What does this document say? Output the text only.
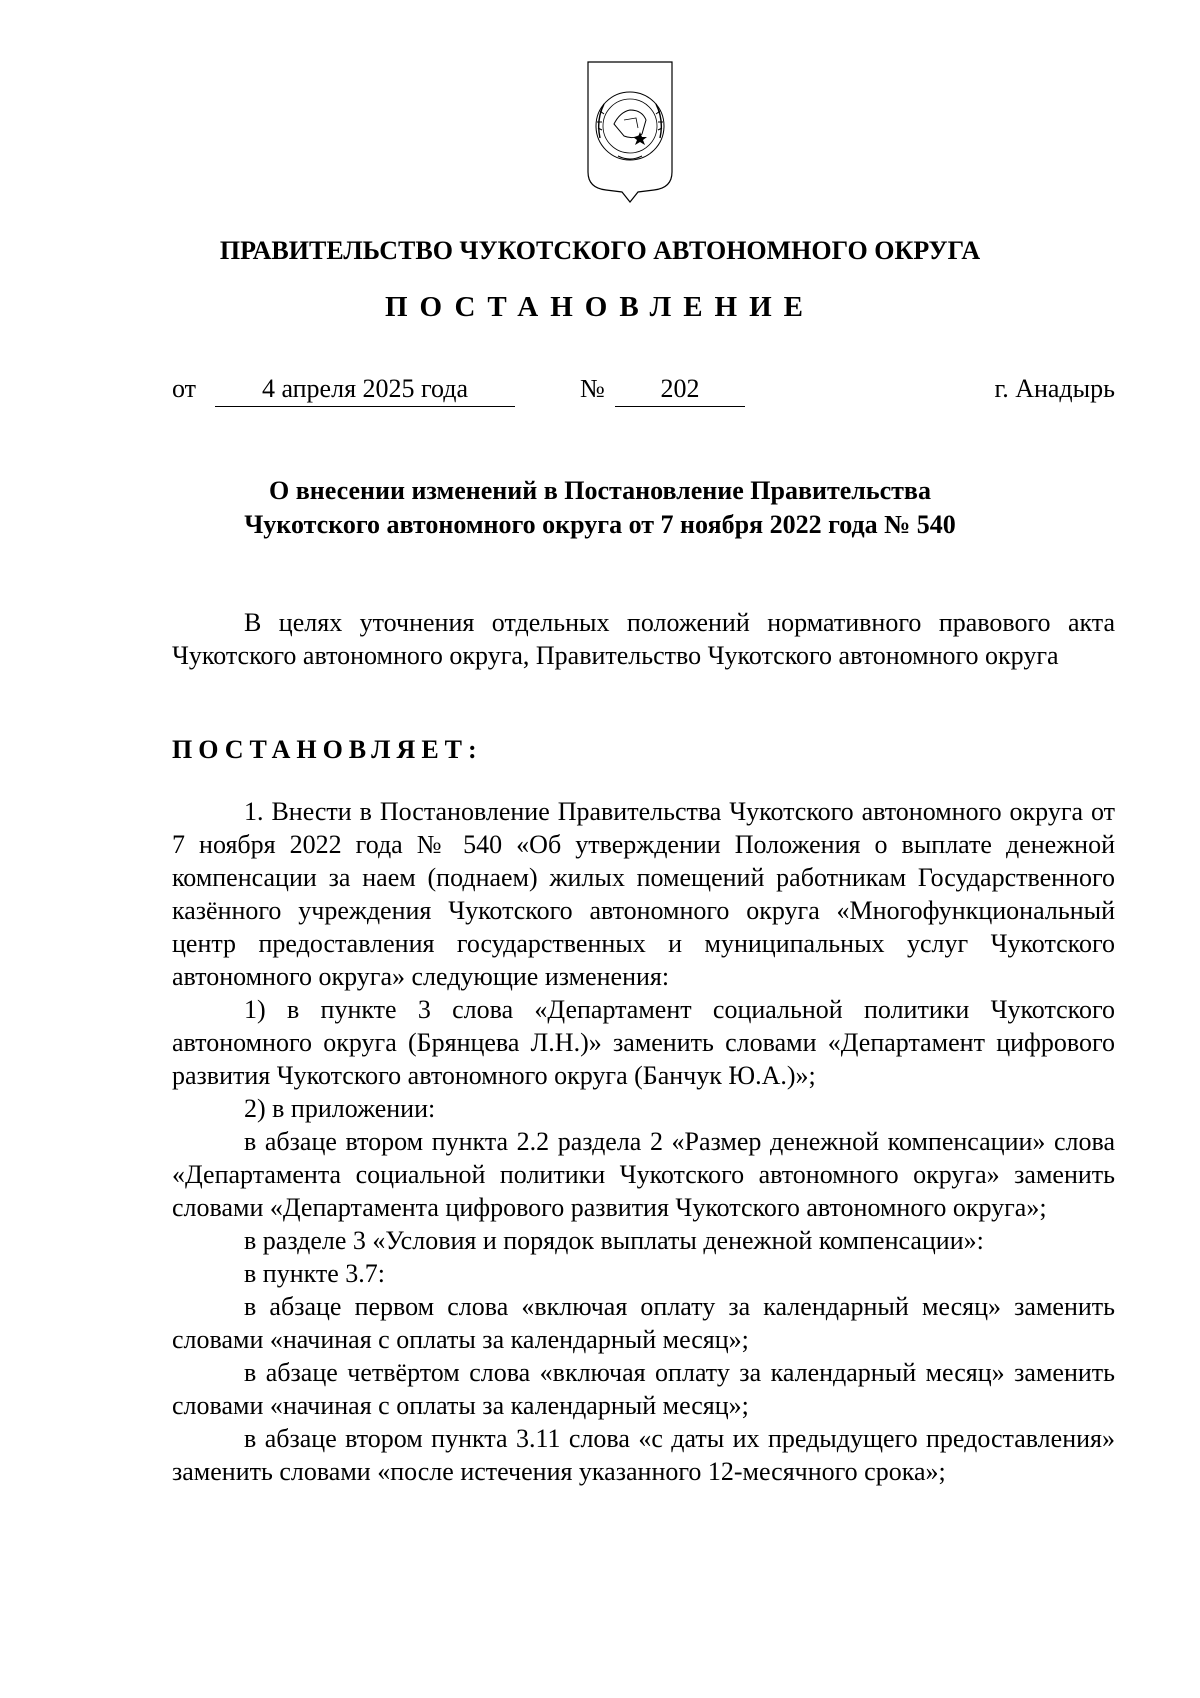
ПРАВИТЕЛЬСТВО ЧУКОТСКОГО АВТОНОМНОГО ОКРУГА
ПОСТАНОВЛЕНИЕ
от	4 апреля 2025 года	№	202	г. Анадырь
О внесении изменений в Постановление Правительства
Чукотского автономного округа от 7 ноября 2022 года № 540

В целях уточнения отдельных положений нормативного правового акта Чукотского автономного округа, Правительство Чукотского автономного округа

ПОСТАНОВЛЯЕТ:

1. Внести в Постановление Правительства Чукотского автономного округа от 7 ноября 2022 года № 540 «Об утверждении Положения о выплате денежной компенсации за наем (поднаем) жилых помещений работникам Государственного казённого учреждения Чукотского автономного округа «Многофункциональный центр предоставления государственных и муниципальных услуг Чукотского автономного округа» следующие изменения:

1) в пункте 3 слова «Департамент социальной политики Чукотского автономного округа (Брянцева Л.Н.)» заменить словами «Департамент цифрового развития Чукотского автономного округа (Банчук Ю.А.)»;

2) в приложении:

в абзаце втором пункта 2.2 раздела 2 «Размер денежной компенсации» слова «Департамента социальной политики Чукотского автономного округа» заменить словами «Департамента цифрового развития Чукотского автономного округа»;

в разделе 3 «Условия и порядок выплаты денежной компенсации»:

в пункте 3.7:

в абзаце первом слова «включая оплату за календарный месяц» заменить словами «начиная с оплаты за календарный месяц»;

в абзаце четвёртом слова «включая оплату за календарный месяц» заменить словами «начиная с оплаты за календарный месяц»;

в абзаце втором пункта 3.11 слова «с даты их предыдущего предоставления» заменить словами «после истечения указанного 12-месячного срока»;
